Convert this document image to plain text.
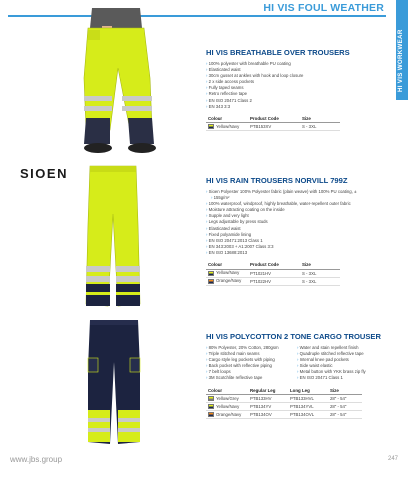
HI VIS FOUL WEATHER
HI VIS WORKWEAR
HI VIS BREATHABLE OVER TROUSERS
› 100% polyester with breathable PU coating
› Elasticated waist
› 30cm gusset at ankles with hook and loop closure
› 2 x side access pockets
› Fully taped seams
› Retro reflective tape
› EN ISO 20471 Class 2
› EN 343 3:3
Colour	Product Code	Size
Yellow/Navy	PTB153XV	S - 3XL
SIOEN	HI VIS RAIN TROUSERS NORVILL 799Z
› Sioen Polyester 100% Polyester fabric (plain weave) with 100% PU coating, ±
› 155g/m²
› 100% waterproof, windproof, highly breathable, water-repellent outer fabric
› Moisture attracting coating on the inside
› Supple and very light
› Legs adjustable by press studs
› Elasticated waist
› Fixed polyamide lining
› EN ISO 20471:2013 Class 1
› EN 343:2003 + A1:2007 Class 3:3
› EN ISO 13688:2013
Colour	Product Code	Size
Yellow/Navy	PT1021HV	S - 3XL
Orange/Navy	PT1022HV	S - 3XL
HI VIS POLYCOTTON 2 TONE CARGO TROUSER
› 80% Polyester, 20% Cotton, 280gsm
› Triple stitched main seams
› Cargo style leg pockets with piping
› Back pocket with reflective piping
› 7 belt loops
› 3M Scotchlite reflective tape
› Water and stain repellent finish
› Quadruple stitched reflective tape
› Internal knee pad pockets
› Side waist elastic
› Metal button with YKK brass zip fly
› EN ISO 20471 Class 1
Colour	Regular Leg	Long Leg	Size
Yellow/Grey	PTB133HV	PTB133HVL	28" - 54"
Yellow/Navy	PTB134YV	PTB134YVL	28" - 54"
Orange/Navy	PTB134OV	PTB134OVL	28" - 54"
www.jbs.group	247
